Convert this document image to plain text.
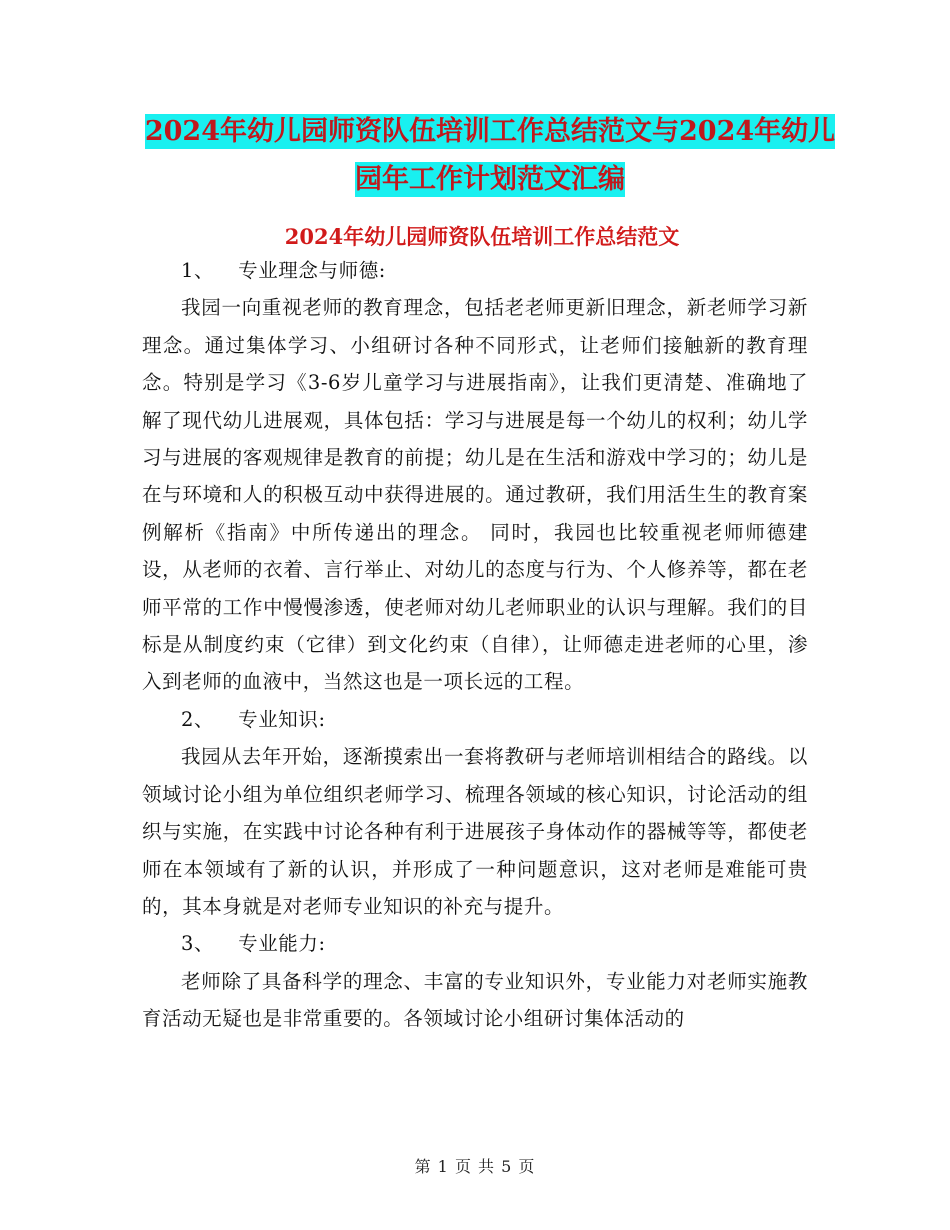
2024年幼儿园师资队伍培训工作总结范文与2024年幼儿园年工作计划范文汇编
2024年幼儿园师资队伍培训工作总结范文

1、 专业理念与师德:

我园一向重视老师的教育理念，包括老老师更新旧理念，新老师学习新理念。通过集体学习、小组研讨各种不同形式，让老师们接触新的教育理念。特别是学习《3-6岁儿童学习与进展指南》，让我们更清楚、准确地了解了现代幼儿进展观，具体包括：学习与进展是每一个幼儿的权利；幼儿学习与进展的客观规律是教育的前提；幼儿是在生活和游戏中学习的；幼儿是在与环境和人的积极互动中获得进展的。通过教研，我们用活生生的教育案例解析《指南》中所传递出的理念。 同时，我园也比较重视老师师德建设，从老师的衣着、言行举止、对幼儿的态度与行为、个人修养等，都在老师平常的工作中慢慢渗透，使老师对幼儿老师职业的认识与理解。我们的目标是从制度约束（它律）到文化约束（自律），让师德走进老师的心里，渗入到老师的血液中，当然这也是一项长远的工程。

2、 专业知识:

我园从去年开始，逐渐摸索出一套将教研与老师培训相结合的路线。以领域讨论小组为单位组织老师学习、梳理各领域的核心知识，讨论活动的组织与实施，在实践中讨论各种有利于进展孩子身体动作的器械等等，都使老师在本领域有了新的认识，并形成了一种问题意识，这对老师是难能可贵的，其本身就是对老师专业知识的补充与提升。

3、 专业能力:

老师除了具备科学的理念、丰富的专业知识外，专业能力对老师实施教育活动无疑也是非常重要的。各领域讨论小组研讨集体活动的

第 1 页 共 5 页
